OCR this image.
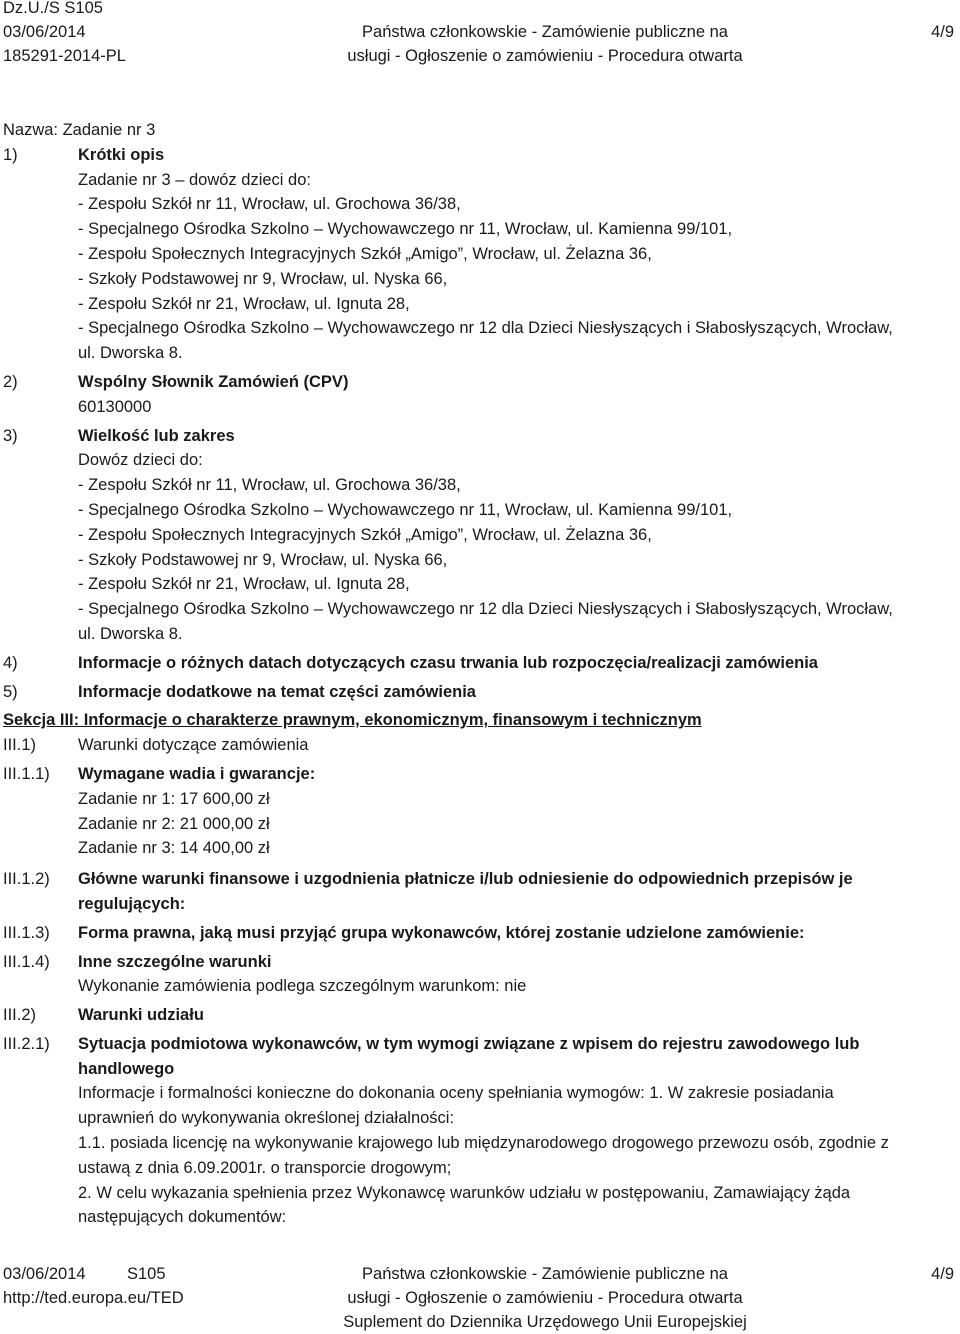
Dz.U./S S105
03/06/2014
185291-2014-PL
Państwa członkowskie - Zamówienie publiczne na
usługi - Ogłoszenie o zamówieniu - Procedura otwarta
4/9
Nazwa: Zadanie nr 3
1)	Krótki opis
Zadanie nr 3 – dowóz dzieci do:
- Zespołu Szkół nr 11, Wrocław, ul. Grochowa 36/38,
- Specjalnego Ośrodka Szkolno – Wychowawczego nr 11, Wrocław, ul. Kamienna 99/101,
- Zespołu Społecznych Integracyjnych Szkół „Amigo”, Wrocław, ul. Żelazna 36,
- Szkoły Podstawowej nr 9, Wrocław, ul. Nyska 66,
- Zespołu Szkół nr 21, Wrocław, ul. Ignuta 28,
- Specjalnego Ośrodka Szkolno – Wychowawczego nr 12 dla Dzieci Niesłyszących i Słabosłyszących, Wrocław,
ul. Dworska 8.
2)	Wspólny Słownik Zamówień (CPV)
60130000
3)	Wielkość lub zakres
Dowóz dzieci do:
- Zespołu Szkół nr 11, Wrocław, ul. Grochowa 36/38,
- Specjalnego Ośrodka Szkolno – Wychowawczego nr 11, Wrocław, ul. Kamienna 99/101,
- Zespołu Społecznych Integracyjnych Szkół „Amigo”, Wrocław, ul. Żelazna 36,
- Szkoły Podstawowej nr 9, Wrocław, ul. Nyska 66,
- Zespołu Szkół nr 21, Wrocław, ul. Ignuta 28,
- Specjalnego Ośrodka Szkolno – Wychowawczego nr 12 dla Dzieci Niesłyszących i Słabosłyszących, Wrocław,
ul. Dworska 8.
4)	Informacje o różnych datach dotyczących czasu trwania lub rozpoczęcia/realizacji zamówienia
5)	Informacje dodatkowe na temat części zamówienia
Sekcja III: Informacje o charakterze prawnym, ekonomicznym, finansowym i technicznym
III.1)	Warunki dotyczące zamówienia
III.1.1)	Wymagane wadia i gwarancje:
Zadanie nr 1: 17 600,00 zł
Zadanie nr 2: 21 000,00 zł
Zadanie nr 3: 14 400,00 zł
III.1.2)	Główne warunki finansowe i uzgodnienia płatnicze i/lub odniesienie do odpowiednich przepisów je
regulujących:
III.1.3)	Forma prawna, jaką musi przyjąć grupa wykonawców, której zostanie udzielone zamówienie:
III.1.4)	Inne szczególne warunki
Wykonanie zamówienia podlega szczególnym warunkom: nie
III.2)	Warunki udziału
III.2.1)	Sytuacja podmiotowa wykonawców, w tym wymogi związane z wpisem do rejestru zawodowego lub
handlowego
Informacje i formalności konieczne do dokonania oceny spełniania wymogów: 1. W zakresie posiadania
uprawnień do wykonywania określonej działalności:
1.1. posiada licencję na wykonywanie krajowego lub międzynarodowego drogowego przewozu osób, zgodnie z
ustawą z dnia 6.09.2001r. o transporcie drogowym;
2. W celu wykazania spełnienia przez Wykonawcę warunków udziału w postępowaniu, Zamawiający żąda
następujących dokumentów:
03/06/2014	S105
http://ted.europa.eu/TED
Państwa członkowskie - Zamówienie publiczne na
usługi - Ogłoszenie o zamówieniu - Procedura otwarta
Suplement do Dziennika Urzędowego Unii Europejskiej
4/9
